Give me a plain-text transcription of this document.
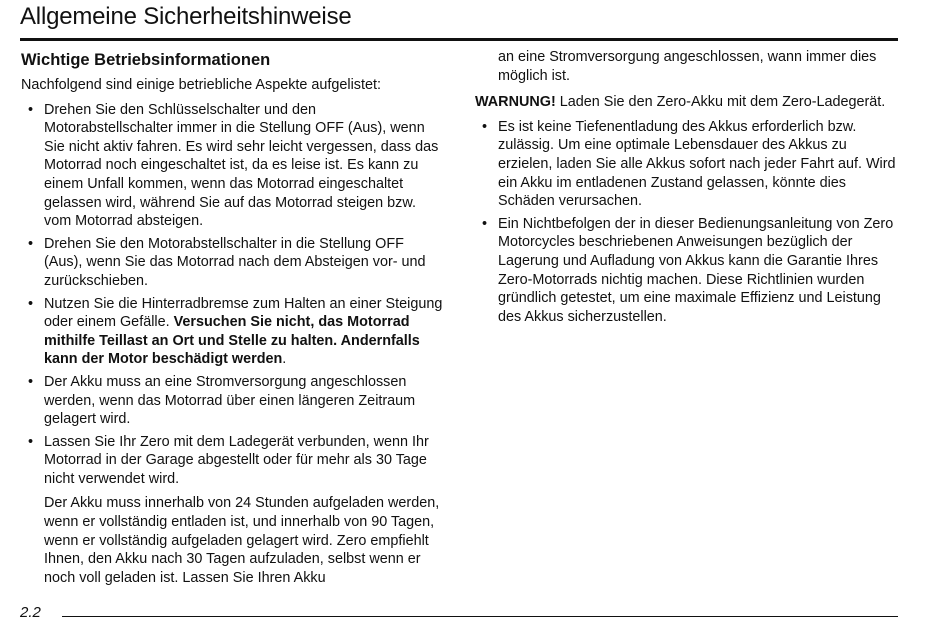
Allgemeine Sicherheitshinweise
Wichtige Betriebsinformationen

Nachfolgend sind einige betriebliche Aspekte aufgelistet:

• Drehen Sie den Schlüsselschalter und den Motorabstellschalter immer in die Stellung OFF (Aus), wenn Sie nicht aktiv fahren. Es wird sehr leicht vergessen, dass das Motorrad noch eingeschaltet ist, da es leise ist. Es kann zu einem Unfall kommen, wenn das Motorrad eingeschaltet gelassen wird, während Sie auf das Motorrad steigen bzw. vom Motorrad absteigen.
• Drehen Sie den Motorabstellschalter in die Stellung OFF (Aus), wenn Sie das Motorrad nach dem Absteigen vor- und zurückschieben.
• Nutzen Sie die Hinterradbremse zum Halten an einer Steigung oder einem Gefälle. Versuchen Sie nicht, das Motorrad mithilfe Teillast an Ort und Stelle zu halten. Andernfalls kann der Motor beschädigt werden.
• Der Akku muss an eine Stromversorgung angeschlossen werden, wenn das Motorrad über einen längeren Zeitraum gelagert wird.
• Lassen Sie Ihr Zero mit dem Ladegerät verbunden, wenn Ihr Motorrad in der Garage abgestellt oder für mehr als 30 Tage nicht verwendet wird.

Der Akku muss innerhalb von 24 Stunden aufgeladen werden, wenn er vollständig entladen ist, und innerhalb von 90 Tagen, wenn er vollständig aufgeladen gelagert wird. Zero empfiehlt Ihnen, den Akku nach 30 Tagen aufzuladen, selbst wenn er noch voll geladen ist. Lassen Sie Ihren Akku

an eine Stromversorgung angeschlossen, wann immer dies möglich ist.

WARNUNG! Laden Sie den Zero-Akku mit dem Zero-Ladegerät.

• Es ist keine Tiefenentladung des Akkus erforderlich bzw. zulässig. Um eine optimale Lebensdauer des Akkus zu erzielen, laden Sie alle Akkus sofort nach jeder Fahrt auf. Wird ein Akku im entladenen Zustand gelassen, könnte dies Schäden verursachen.
• Ein Nichtbefolgen der in dieser Bedienungsanleitung von Zero Motorcycles beschriebenen Anweisungen bezüglich der Lagerung und Aufladung von Akkus kann die Garantie Ihres Zero-Motorrads nichtig machen. Diese Richtlinien wurden gründlich getestet, um eine maximale Effizienz und Leistung des Akkus sicherzustellen.
2.2
